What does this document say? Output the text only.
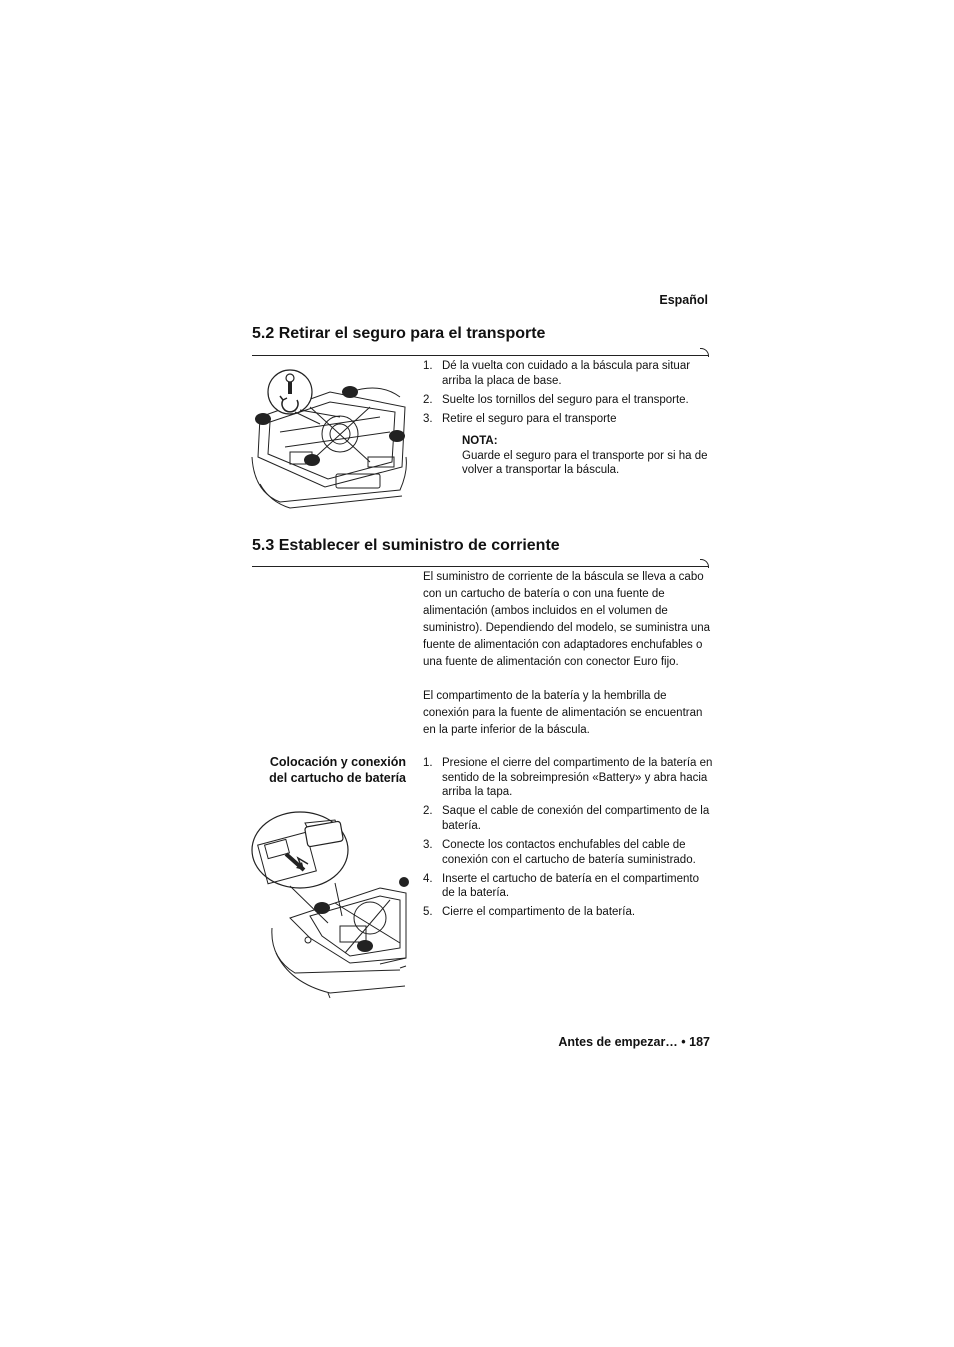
Español
5.2 Retirar el seguro para el transporte
1. Dé la vuelta con cuidado a la báscula para situar arriba la placa de base.
2. Suelte los tornillos del seguro para el transporte.
3. Retire el seguro para el transporte
NOTA:
Guarde el seguro para el transporte por si ha de volver a transportar la báscula.
5.3 Establecer el suministro de corriente

El suministro de corriente de la báscula se lleva a cabo con un cartucho de batería o con una fuente de alimentación (ambos incluidos en el volumen de suministro). Dependiendo del modelo, se suministra una fuente de alimentación con adaptadores enchufables o una fuente de alimentación con conector Euro fijo.

El compartimento de la batería y la hembrilla de conexión para la fuente de alimentación se encuentran en la parte inferior de la báscula.

Colocación y conexión del cartucho de batería
1. Presione el cierre del compartimento de la batería en sentido de la sobreimpresión «Battery» y abra hacia arriba la tapa.
2. Saque el cable de conexión del compartimento de la batería.
3. Conecte los contactos enchufables del cable de conexión con el cartucho de batería suministrado.
4. Inserte el cartucho de batería en el compartimento de la batería.
5. Cierre el compartimento de la batería.
Antes de empezar… • 187
